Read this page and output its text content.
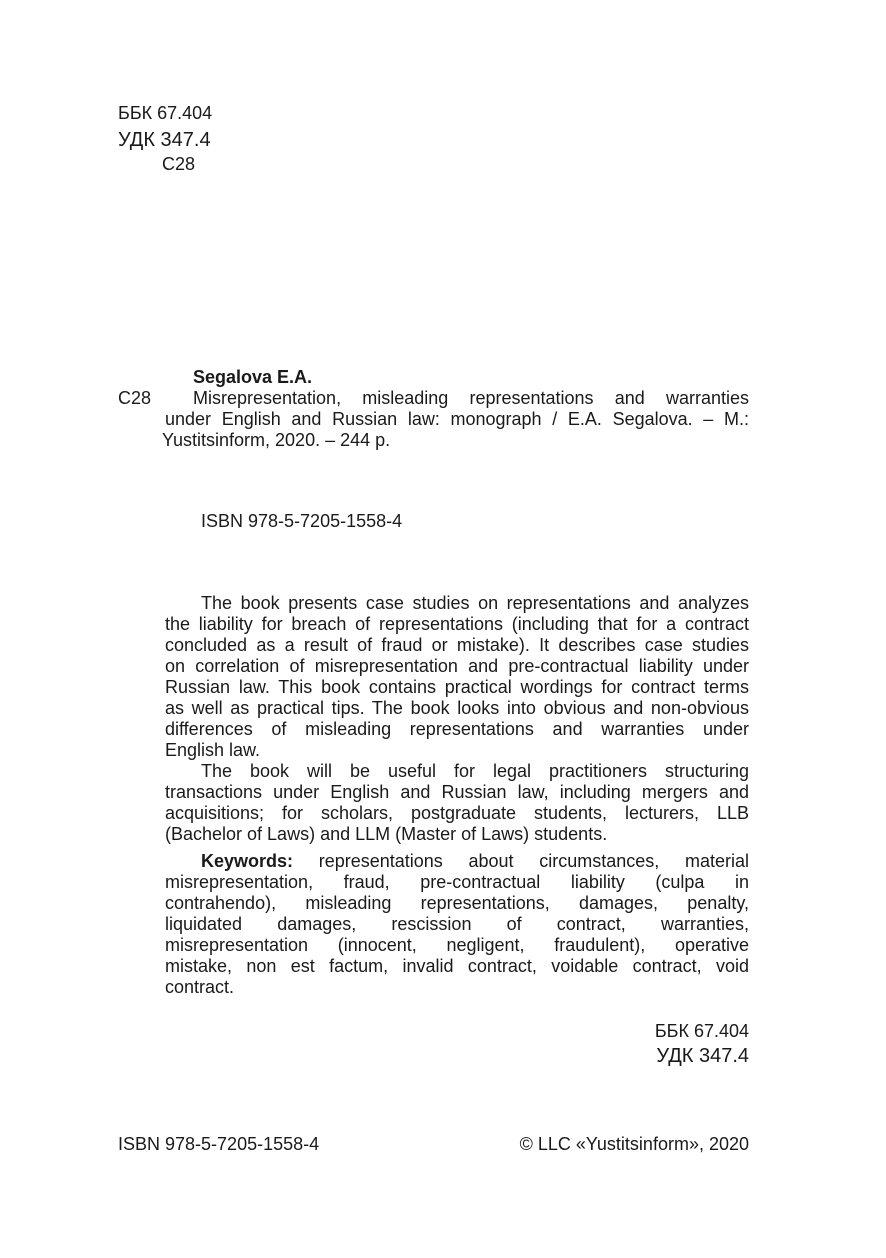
ББК 67.404
УДК 347.4
С28
Segalova E.A.
С28	Misrepresentation, misleading representations and warranties
under English and Russian law: monograph / E.A. Segalova. – M.:
Yustitsinform, 2020. – 244 p.
ISBN 978-5-7205-1558-4
The book presents case studies on representations and analyzes
the liability for breach of representations (including that for a contract
concluded as a result of fraud or mistake). It describes case studies
on correlation of misrepresentation and pre-contractual liability under
Russian law. This book contains practical wordings for contract terms
as well as practical tips. The book looks into obvious and non-obvious
differences of misleading representations and warranties under
English law.
The book will be useful for legal practitioners structuring
transactions under English and Russian law, including mergers and
acquisitions; for scholars, postgraduate students, lecturers, LLB
(Bachelor of Laws) and LLM (Master of Laws) students.
Keywords: representations about circumstances, material
misrepresentation, fraud, pre-contractual liability (culpa in
contrahendo), misleading representations, damages, penalty,
liquidated damages, rescission of contract, warranties,
misrepresentation (innocent, negligent, fraudulent), operative
mistake, non est factum, invalid contract, voidable contract, void
contract.
ББК 67.404
УДК 347.4
ISBN 978-5-7205-1558-4	© LLC «Yustitsinform», 2020
